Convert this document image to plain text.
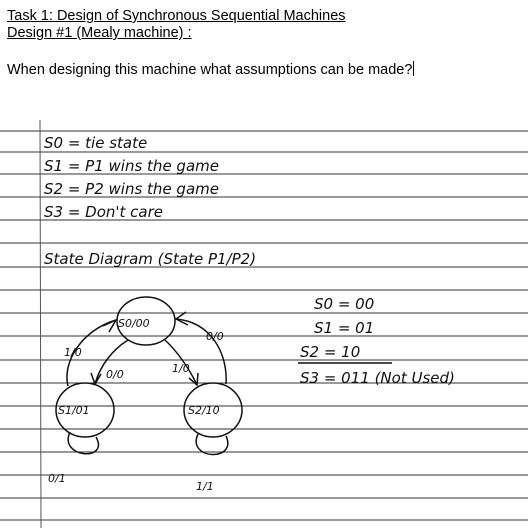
Task 1: Design of Synchronous Sequential Machines
Design #1 (Mealy machine) :
When designing this machine what assumptions can be made?
S0 = tie state
S1 = P1 wins the game
S2 = P2 wins the game
S3 = Don't care
State Diagram (State P1/P2)
S0/00
S1/01	S2/10
1/0
0/0
0/0
1/0
0/1
1/1
S0 = 00
S1 = 01
S2 = 10
S3 = 011 (Not Used)
